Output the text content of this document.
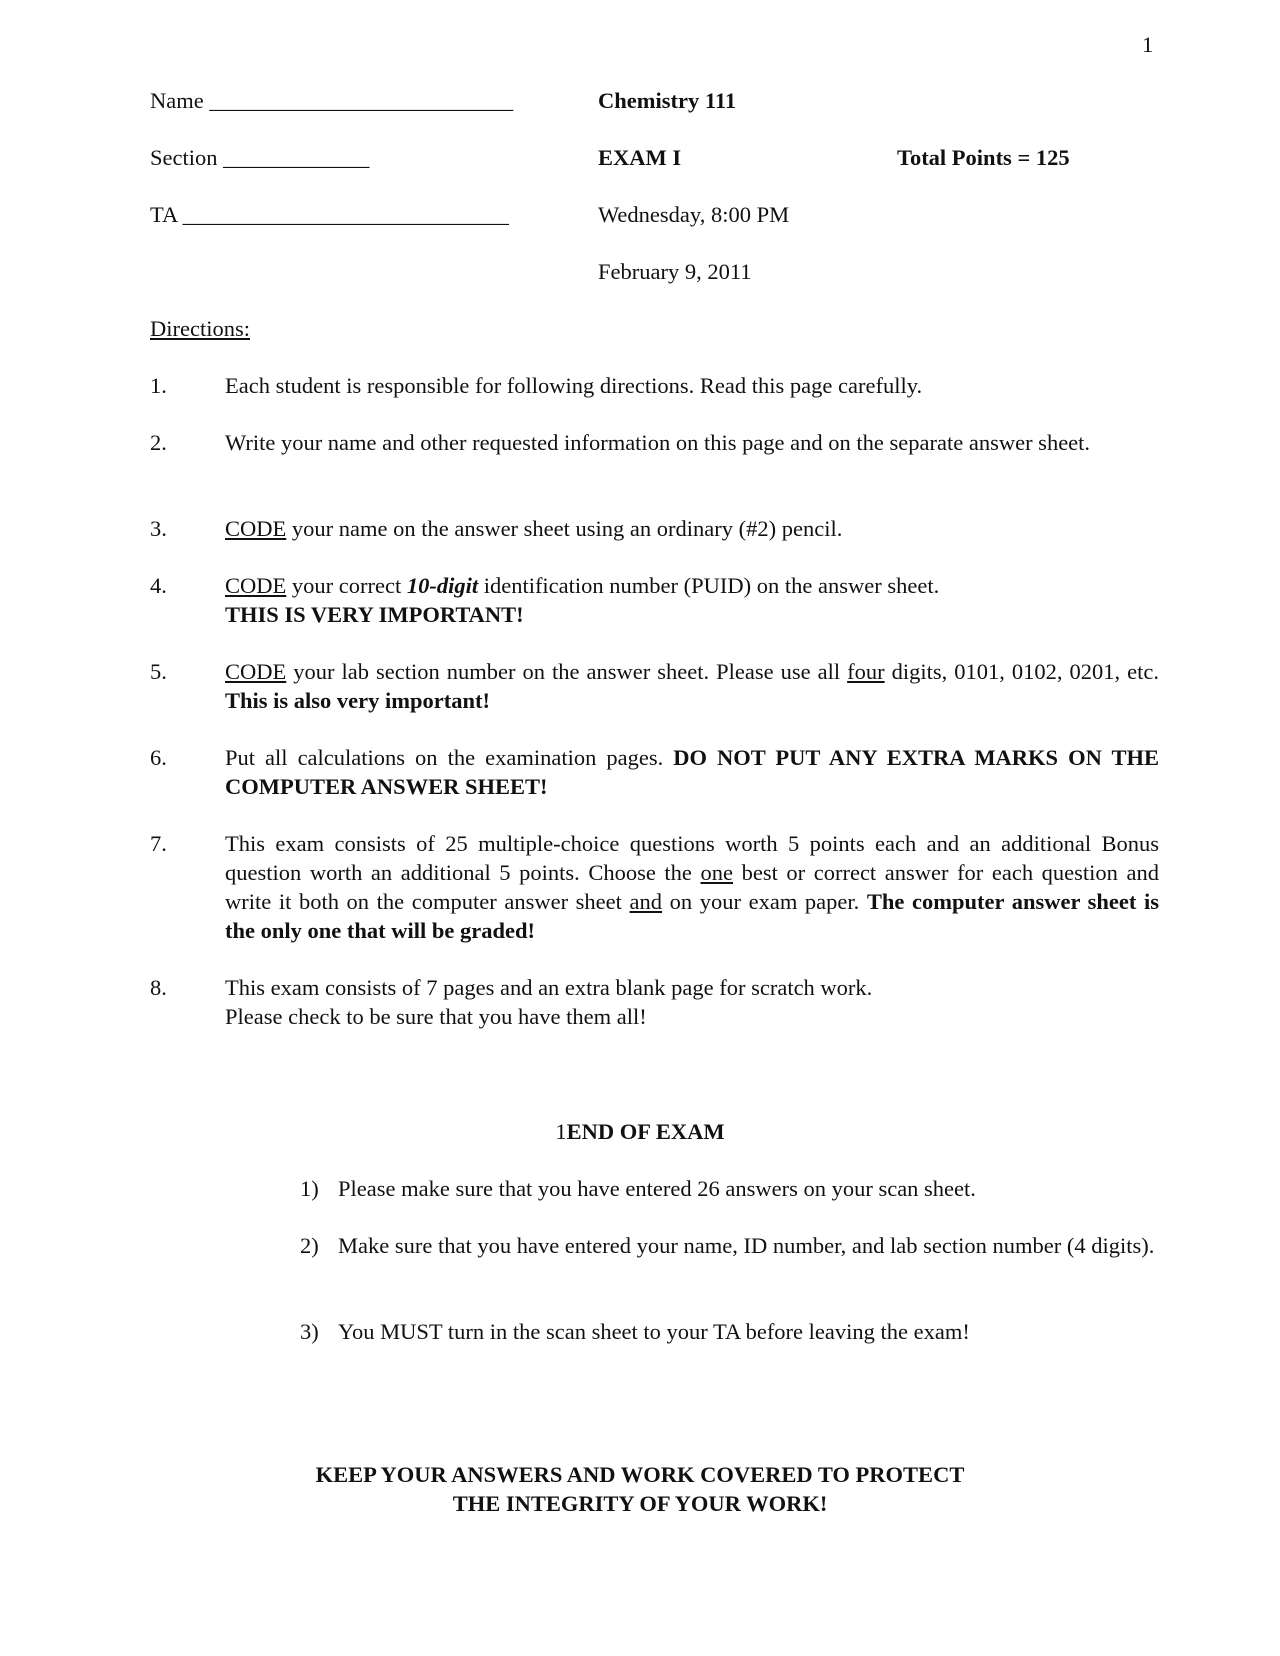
1
Name ___________________________
Section _____________
TA _____________________________
Chemistry 111
EXAM I
Wednesday, 8:00 PM
February 9, 2011
Total Points = 125
Directions:
1.	Each student is responsible for following directions. Read this page carefully.
2.	Write your name and other requested information on this page and on the separate answer sheet.
3.	CODE your name on the answer sheet using an ordinary (#2) pencil.
4.	CODE your correct 10-digit identification number (PUID) on the answer sheet.
THIS IS VERY IMPORTANT!
5.	CODE your lab section number on the answer sheet. Please use all four digits, 0101, 0102, 0201, etc. This is also very important!
6.	Put all calculations on the examination pages. DO NOT PUT ANY EXTRA MARKS ON THE COMPUTER ANSWER SHEET!
7.	This exam consists of 25 multiple-choice questions worth 5 points each and an additional Bonus question worth an additional 5 points. Choose the one best or correct answer for each question and write it both on the computer answer sheet and on your exam paper. The computer answer sheet is the only one that will be graded!
8.	This exam consists of 7 pages and an extra blank page for scratch work.
Please check to be sure that you have them all!
1END OF EXAM
1) Please make sure that you have entered 26 answers on your scan sheet.
2) Make sure that you have entered your name, ID number, and lab section number (4 digits).
3) You MUST turn in the scan sheet to your TA before leaving the exam!
KEEP YOUR ANSWERS AND WORK COVERED TO PROTECT
THE INTEGRITY OF YOUR WORK!
